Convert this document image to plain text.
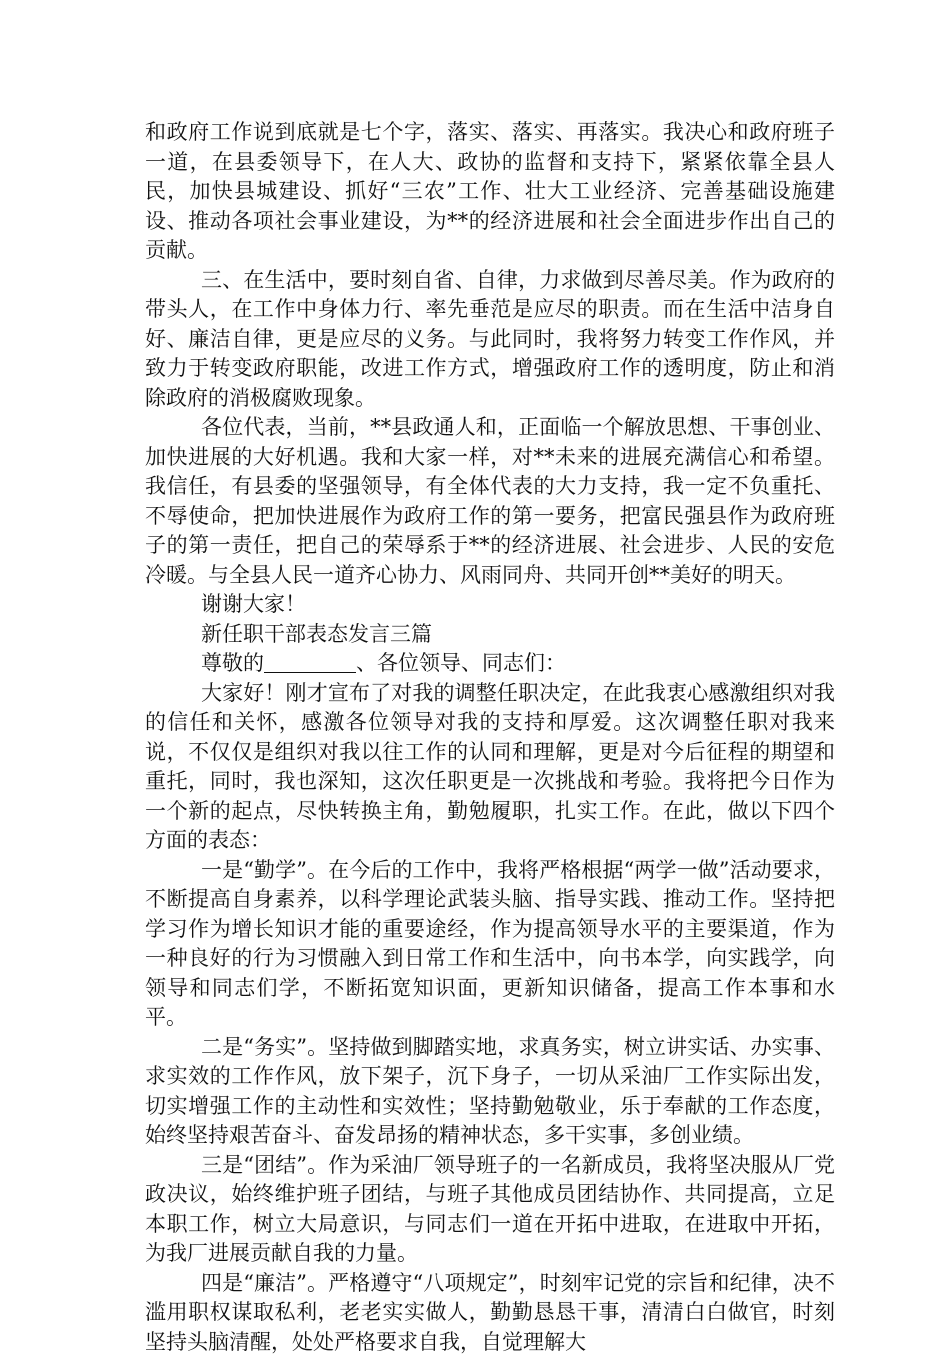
和政府工作说到底就是七个字，落实、落实、再落实。我决心和政府班子一道，在县委领导下，在人大、政协的监督和支持下，紧紧依靠全县人民，加快县城建设、抓好“三农”工作、壮大工业经济、完善基础设施建设、推动各项社会事业建设，为**的经济进展和社会全面进步作出自己的贡献。

三、在生活中，要时刻自省、自律，力求做到尽善尽美。作为政府的带头人，在工作中身体力行、率先垂范是应尽的职责。而在生活中洁身自好、廉洁自律，更是应尽的义务。与此同时，我将努力转变工作作风，并致力于转变政府职能，改进工作方式，增强政府工作的透明度，防止和消除政府的消极腐败现象。

各位代表，当前，**县政通人和，正面临一个解放思想、干事创业、加快进展的大好机遇。我和大家一样，对**未来的进展充满信心和希望。我信任，有县委的坚强领导，有全体代表的大力支持，我一定不负重托、不辱使命，把加快进展作为政府工作的第一要务，把富民强县作为政府班子的第一责任，把自己的荣辱系于**的经济进展、社会进步、人民的安危冷暖。与全县人民一道齐心协力、风雨同舟、共同开创**美好的明天。

谢谢大家！

新任职干部表态发言三篇

尊敬的	、各位领导、同志们：

大家好！刚才宣布了对我的调整任职决定，在此我衷心感激组织对我的信任和关怀，感激各位领导对我的支持和厚爱。这次调整任职对我来说，不仅仅是组织对我以往工作的认同和理解，更是对今后征程的期望和重托，同时，我也深知，这次任职更是一次挑战和考验。我将把今日作为一个新的起点，尽快转换主角，勤勉履职，扎实工作。在此，做以下四个方面的表态：

一是“勤学”。在今后的工作中，我将严格根据“两学一做”活动要求，不断提高自身素养，以科学理论武装头脑、指导实践、推动工作。坚持把学习作为增长知识才能的重要途经，作为提高领导水平的主要渠道，作为一种良好的行为习惯融入到日常工作和生活中，向书本学，向实践学，向领导和同志们学，不断拓宽知识面，更新知识储备，提高工作本事和水平。

二是“务实”。坚持做到脚踏实地，求真务实，树立讲实话、办实事、求实效的工作作风，放下架子，沉下身子，一切从采油厂工作实际出发，切实增强工作的主动性和实效性；坚持勤勉敬业，乐于奉献的工作态度，始终坚持艰苦奋斗、奋发昂扬的精神状态，多干实事，多创业绩。

三是“团结”。作为采油厂领导班子的一名新成员，我将坚决服从厂党政决议，始终维护班子团结，与班子其他成员团结协作、共同提高，立足本职工作，树立大局意识，与同志们一道在开拓中进取，在进取中开拓，为我厂进展贡献自我的力量。

四是“廉洁”。严格遵守“八项规定”，时刻牢记党的宗旨和纪律，决不滥用职权谋取私利，老老实实做人，勤勤恳恳干事，清清白白做官，时刻坚持头脑清醒，处处严格要求自我，自觉理解大
